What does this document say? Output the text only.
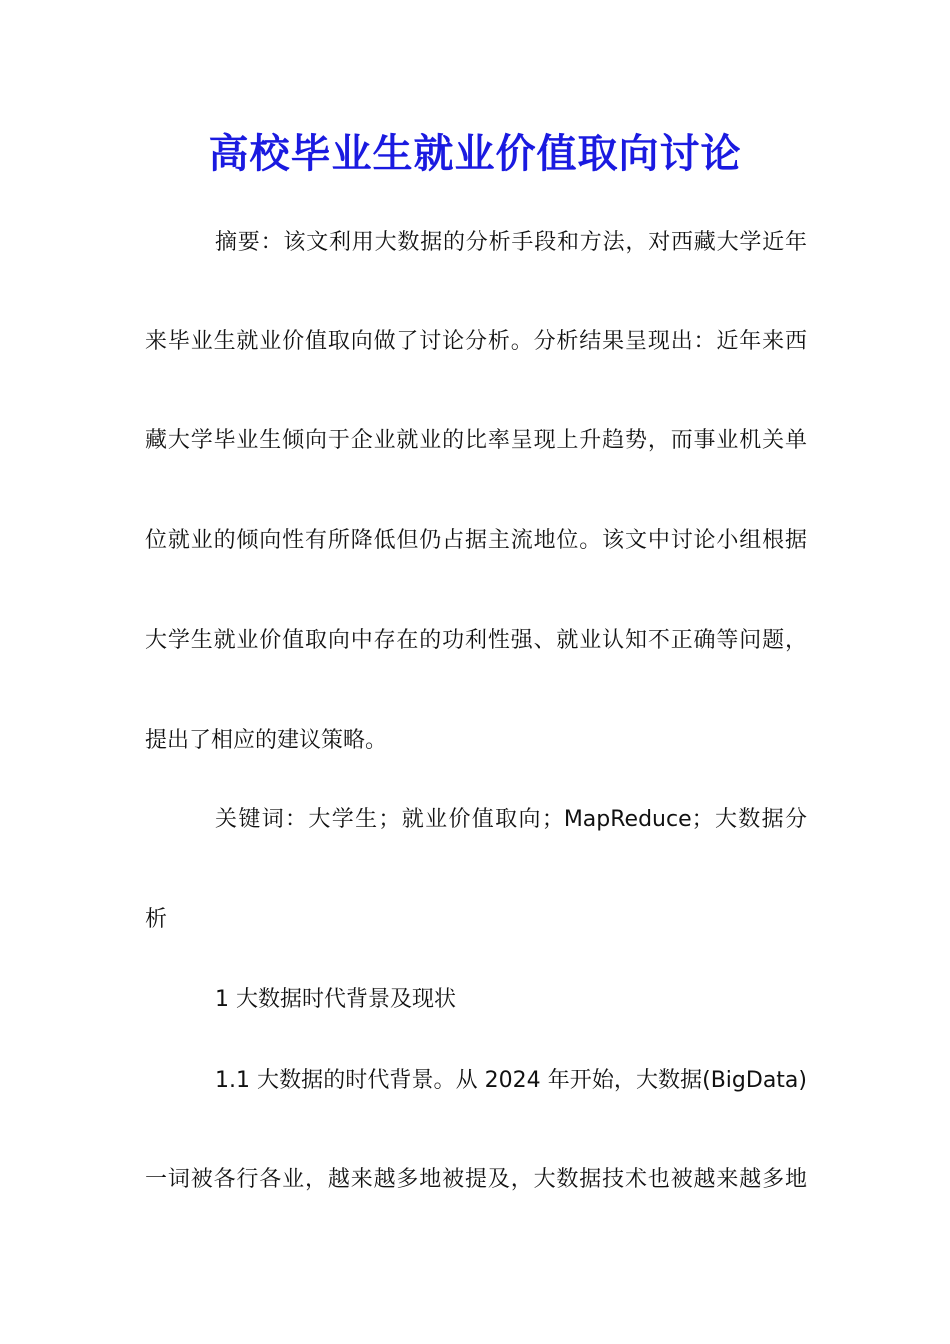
高校毕业生就业价值取向讨论
摘要：该文利用大数据的分析手段和方法，对西藏大学近年
来毕业生就业价值取向做了讨论分析。分析结果呈现出：近年来西
藏大学毕业生倾向于企业就业的比率呈现上升趋势，而事业机关单
位就业的倾向性有所降低但仍占据主流地位。该文中讨论小组根据
大学生就业价值取向中存在的功利性强、就业认知不正确等问题，
提出了相应的建议策略。
关键词：大学生；就业价值取向；MapReduce；大数据分
析
1 大数据时代背景及现状
1.1 大数据的时代背景。从 2024 年开始，大数据(BigData)
一词被各行各业，越来越多地被提及，大数据技术也被越来越多地
